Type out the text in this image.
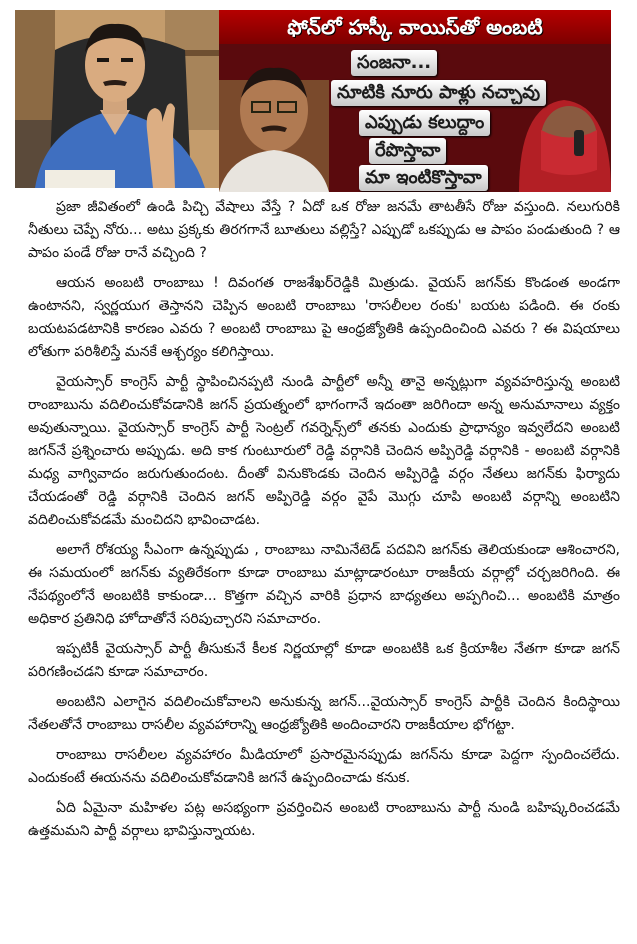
ఫోన్‌లో హస్కీ వాయిస్‌తో అంబటి
సంజనా...
నూటికి నూరు పాళ్లు నచ్చావు
ఎప్పుడు కలుద్దాం
రేపొస్తావా
మా ఇంటికొస్తావా

ప్రజా జీవితంలో ఉండి పిచ్చి వేషాలు వేస్తే ? ఏదో ఒక రోజు జనమే తాటతీసే రోజు వస్తుంది. నలుగురికి నీతులు చెప్పే నోరు... అటు ప్రక్కకు తిరగగానే బూతులు వల్లిస్తే? ఎప్పుడో ఒకప్పుడు ఆ పాపం పండుతుంది ? ఆ పాపం పండే రోజు రానే వచ్చింది ?

ఆయన అంబటి రాంబాబు ! దివంగత రాజశేఖర్‌రెడ్డికి మిత్రుడు. వైయస్ జగన్‌కు కొండంత అండగా ఉంటానని, స్వర్ణయుగ తెస్తానని చెప్పిన అంబటి రాంబాబు 'రాసలీలల రంకు' బయట పడింది. ఈ రంకు బయటపడటానికి కారణం ఎవరు ? అంబటి రాంబాబు పై ఆంధ్రజ్యోతికి ఉప్పందించింది ఎవరు ? ఈ విషయాలు లోతుగా పరిశీలిస్తే మనకే ఆశ్చర్యం కలిగిస్తాయి.

వైయస్సార్ కాంగ్రెస్ పార్టీ స్థాపించినప్పటి నుండి పార్టీలో అన్నీ తానై అన్నట్లుగా వ్యవహరిస్తున్న అంబటి రాంబాబును వదిలించుకోవడానికి జగన్ ప్రయత్నంలో భాగంగానే ఇదంతా జరిగిందా అన్న అనుమానాలు వ్యక్తం అవుతున్నాయి. వైయస్సార్ కాంగ్రెస్ పార్టీ సెంట్రల్ గవర్నెన్స్‌లో తనకు ఎందుకు ప్రాధాన్యం ఇవ్వలేదని అంబటి జగన్‌నే ప్రశ్నించారు అప్పుడు. అది కాక గుంటూరులో రెడ్డి వర్గానికి చెందిన అప్పిరెడ్డి వర్గానికి - అంబటి వర్గానికి మధ్య వాగ్వివాదం జరుగుతుందంట. దీంతో వినుకొండకు చెందిన అప్పిరెడ్డి వర్గం నేతలు జగన్‌కు ఫిర్యాదు చేయడంతో రెడ్డి వర్గానికి చెందిన జగన్ అప్పిరెడ్డి వర్గం వైపే మొగ్గు చూపి అంబటి వర్గాన్ని అంబటిని వదిలించుకోవడమే మంచిదని భావించాడట.

అలాగే రోశయ్య సీఎంగా ఉన్నప్పుడు , రాంబాబు నామినేటెడ్ పదవిని జగన్‌కు తెలియకుండా ఆశించారని, ఈ సమయంలో జగన్‌కు వ్యతిరేకంగా కూడా రాంబాబు మాట్లాడారంటూ రాజకీయ వర్గాల్లో చర్చజరిగింది. ఈ నేపథ్యంలోనే అంబటికి కాకుండా... కొత్తగా వచ్చిన వారికి ప్రధాన బాధ్యతలు అప్పగించి... అంబటికి మాత్రం అధికార ప్రతినిధి హోదాతోనే సరిపుచ్చారని సమాచారం.

ఇప్పటికీ వైయస్సార్ పార్టీ తీసుకునే కీలక నిర్ణయాల్లో కూడా అంబటికి ఒక క్రియాశీల నేతగా కూడా జగన్ పరిగణించడని కూడా సమాచారం.

అంబటిని ఎలాగైన వదిలించుకోవాలని అనుకున్న జగన్...వైయస్సార్ కాంగ్రెస్ పార్టీకి చెందిన కిందిస్థాయి నేతలతోనే రాంబాబు రాసలీల వ్యవహారాన్ని ఆంధ్రజ్యోతికి అందించారని రాజకీయాల భోగట్టా.

రాంబాబు రాసలీలల వ్యవహారం మీడియాలో ప్రసారమైనప్పుడు జగన్‌ను కూడా పెద్దగా స్పందించలేదు. ఎందుకంటే ఈయనను వదిలించుకోవడానికి జగనే ఉప్పందించాడు కనుక.

ఏది ఏమైనా మహిళల పట్ల అసభ్యంగా ప్రవర్తించిన అంబటి రాంబాబును పార్టీ నుండి బహిష్కరించడమే ఉత్తమమని పార్టీ వర్గాలు భావిస్తున్నాయట.
